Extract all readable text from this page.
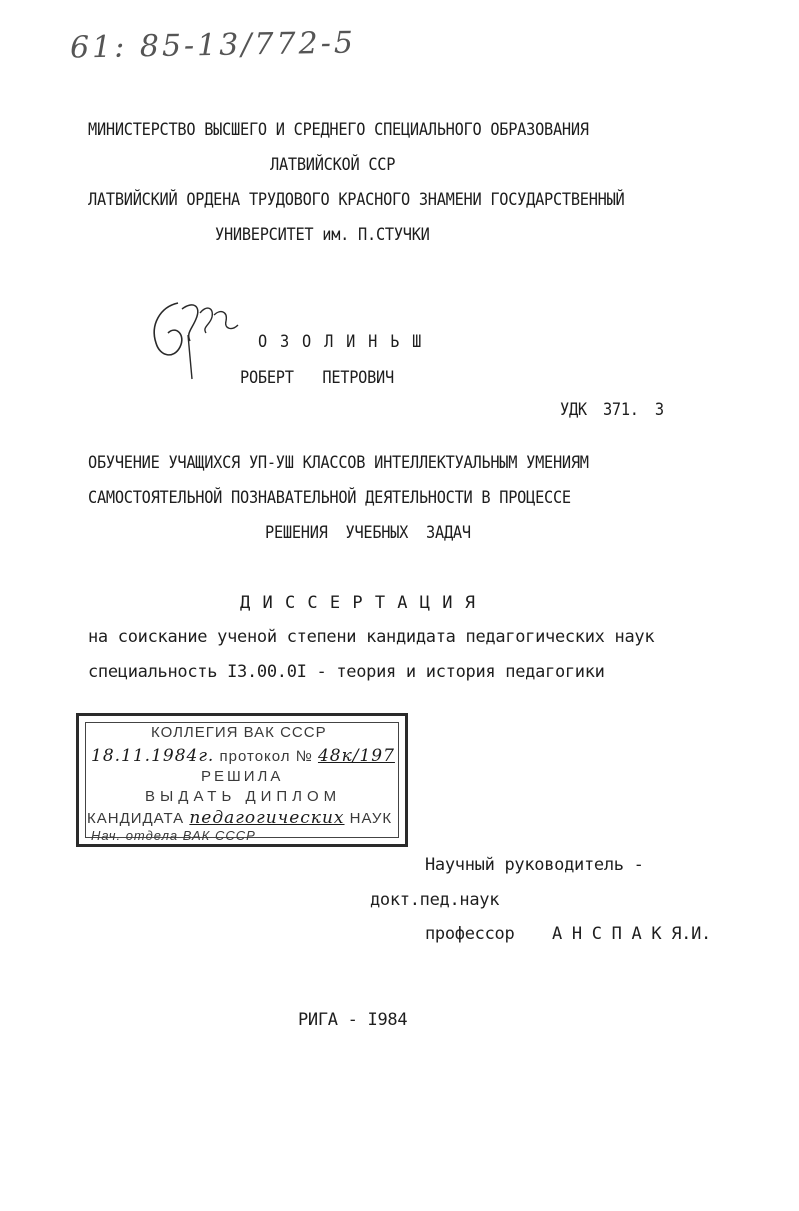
61: 85-13/772-5
МИНИСТЕРСТВО ВЫСШЕГО И СРЕДНЕГО СПЕЦИАЛЬНОГО ОБРАЗОВАНИЯ
ЛАТВИЙСКОЙ ССР
ЛАТВИЙСКИЙ ОРДЕНА ТРУДОВОГО КРАСНОГО ЗНАМЕНИ ГОСУДАРСТВЕННЫЙ
УНИВЕРСИТЕТ им. П.СТУЧКИ
О З О Л И Н Ь Ш
РОБЕРТ ПЕТРОВИЧ
УДК 371. 3
ОБУЧЕНИЕ УЧАЩИХСЯ УП-УШ КЛАССОВ ИНТЕЛЛЕКТУАЛЬНЫМ УМЕНИЯМ
САМОСТОЯТЕЛЬНОЙ ПОЗНАВАТЕЛЬНОЙ ДЕЯТЕЛЬНОСТИ В ПРОЦЕССЕ
РЕШЕНИЯ УЧЕБНЫХ ЗАДАЧ
Д И С С Е Р Т А Ц И Я
на соискание ученой степени кандидата педагогических наук
специальность I3.00.0I - теория и история педагогики
КОЛЛЕГИЯ ВАК СССР
18.11.1984г. протокол № 48к/197
РЕШИЛА
ВЫДАТЬ ДИПЛОМ
КАНДИДАТА педагогических НАУК
Нач. отдела ВАК СССР
Научный руководитель -
докт.пед.наук
профессор А Н С П А К Я.И.
РИГА - I984
